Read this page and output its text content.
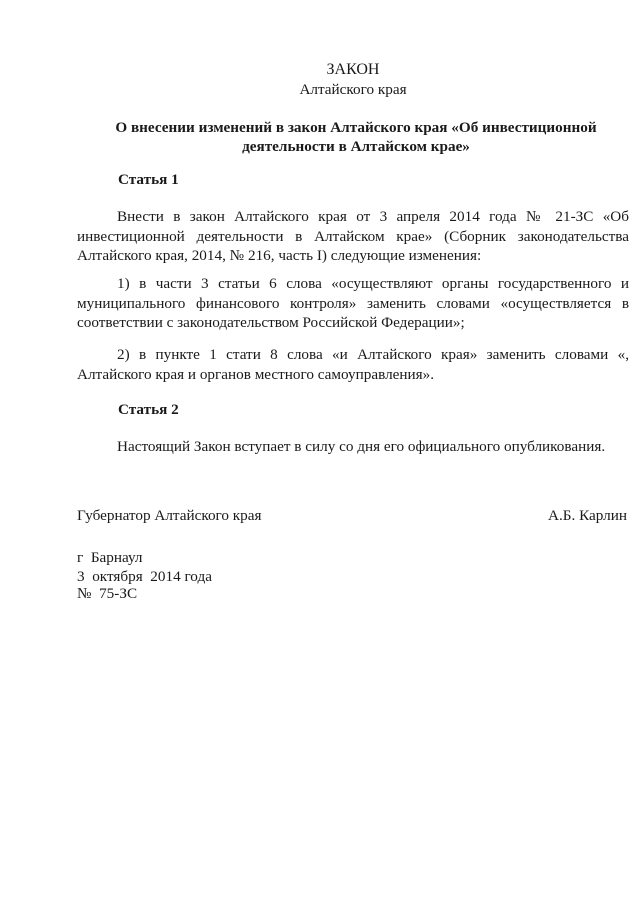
ЗАКОН
Алтайского края
О внесении изменений в закон Алтайского края «Об инвестиционной
деятельности в Алтайском крае»
Статья 1
Внести в закон Алтайского края от 3 апреля 2014 года № 21-ЗС «Об инвестиционной деятельности в Алтайском крае» (Сборник законодательства Алтайского края, 2014, № 216, часть I) следующие изменения:
1) в части 3 статьи 6 слова «осуществляют органы государственного и муниципального финансового контроля» заменить словами «осуществляется в соответствии с законодательством Российской Федерации»;
2) в пункте 1 стати 8 слова «и Алтайского края» заменить словами «, Алтайского края и органов местного самоуправления».
Статья 2
Настоящий Закон вступает в силу со дня его официального опубликования.
Губернатор Алтайского края	А.Б. Карлин
г  Барнаул
3  октября  2014 года
№  75-ЗС
